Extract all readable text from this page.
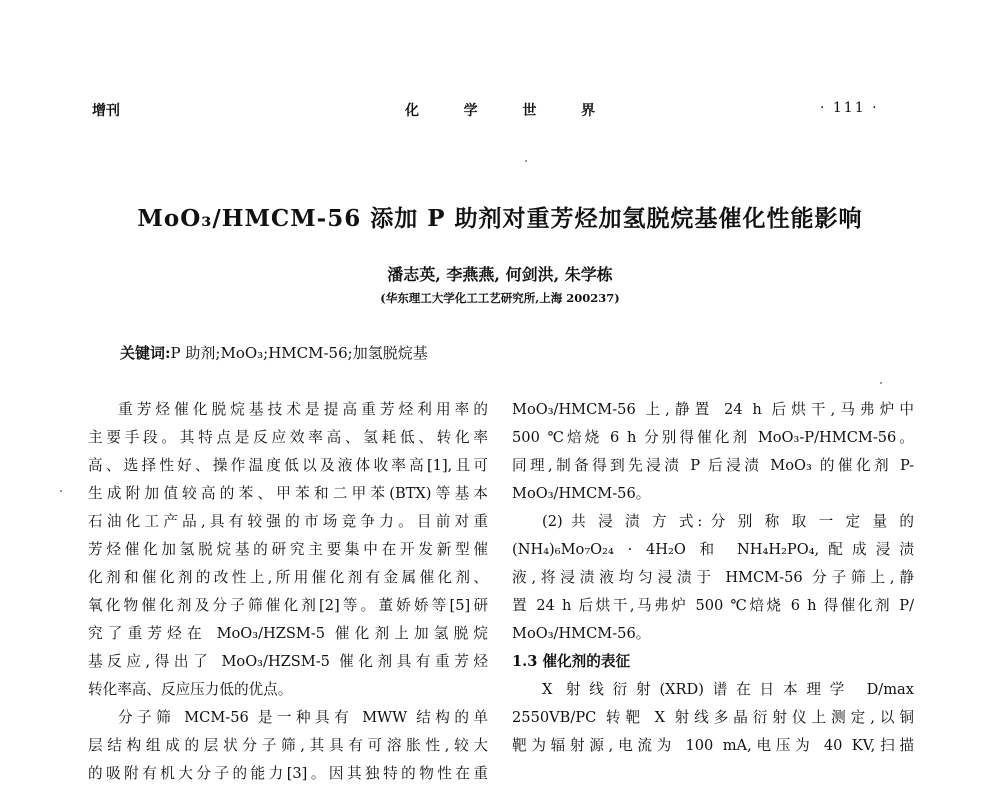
增刊	化	学	世	界	· 111 ·
MoO₃/HMCM-56 添加 P 助剂对重芳烃加氢脱烷基催化性能影响
潘志英, 李燕燕, 何剑洪, 朱学栋
(华东理工大学化工工艺研究所,上海 200237)
关键词:P 助剂;MoO₃;HMCM-56;加氢脱烷基
重芳烃催化脱烷基技术是提高重芳烃利用率的
主要手段。其特点是反应效率高、氢耗低、转化率
高、选择性好、操作温度低以及液体收率高[1],且可
生成附加值较高的苯、甲苯和二甲苯(BTX)等基本
石油化工产品,具有较强的市场竞争力。目前对重
芳烃催化加氢脱烷基的研究主要集中在开发新型催
化剂和催化剂的改性上,所用催化剂有金属催化剂、
氧化物催化剂及分子筛催化剂[2]等。董娇娇等[5]研
究了重芳烃在 MoO₃/HZSM-5 催化剂上加氢脱烷
基反应,得出了 MoO₃/HZSM-5 催化剂具有重芳烃
转化率高、反应压力低的优点。
分子筛 MCM-56 是一种具有 MWW 结构的单
层结构组成的层状分子筛,其具有可溶胀性,较大
的吸附有机大分子的能力[3]。因其独特的物性在重
MoO₃/HMCM-56 上,静置 24 h 后烘干,马弗炉中
500 ℃焙烧 6 h 分别得催化剂 MoO₃-P/HMCM-56。
同理,制备得到先浸渍 P 后浸渍 MoO₃ 的催化剂 P-
MoO₃/HMCM-56。
(2) 共 浸 渍 方 式: 分 别 称 取 一 定 量 的
(NH₄)₆Mo₇O₂₄ · 4H₂O 和 NH₄H₂PO₄,配成浸渍
液,将浸渍液均匀浸渍于 HMCM-56 分子筛上,静
置 24 h 后烘干,马弗炉 500 ℃焙烧 6 h 得催化剂 P/
MoO₃/HMCM-56。
1.3 催化剂的表征
X 射线衍射(XRD)谱在日本理学 D/max
2550VB/PC 转靶 X 射线多晶衍射仪上测定,以铜
靶为辐射源,电流为 100 mA,电压为 40 KV,扫描
